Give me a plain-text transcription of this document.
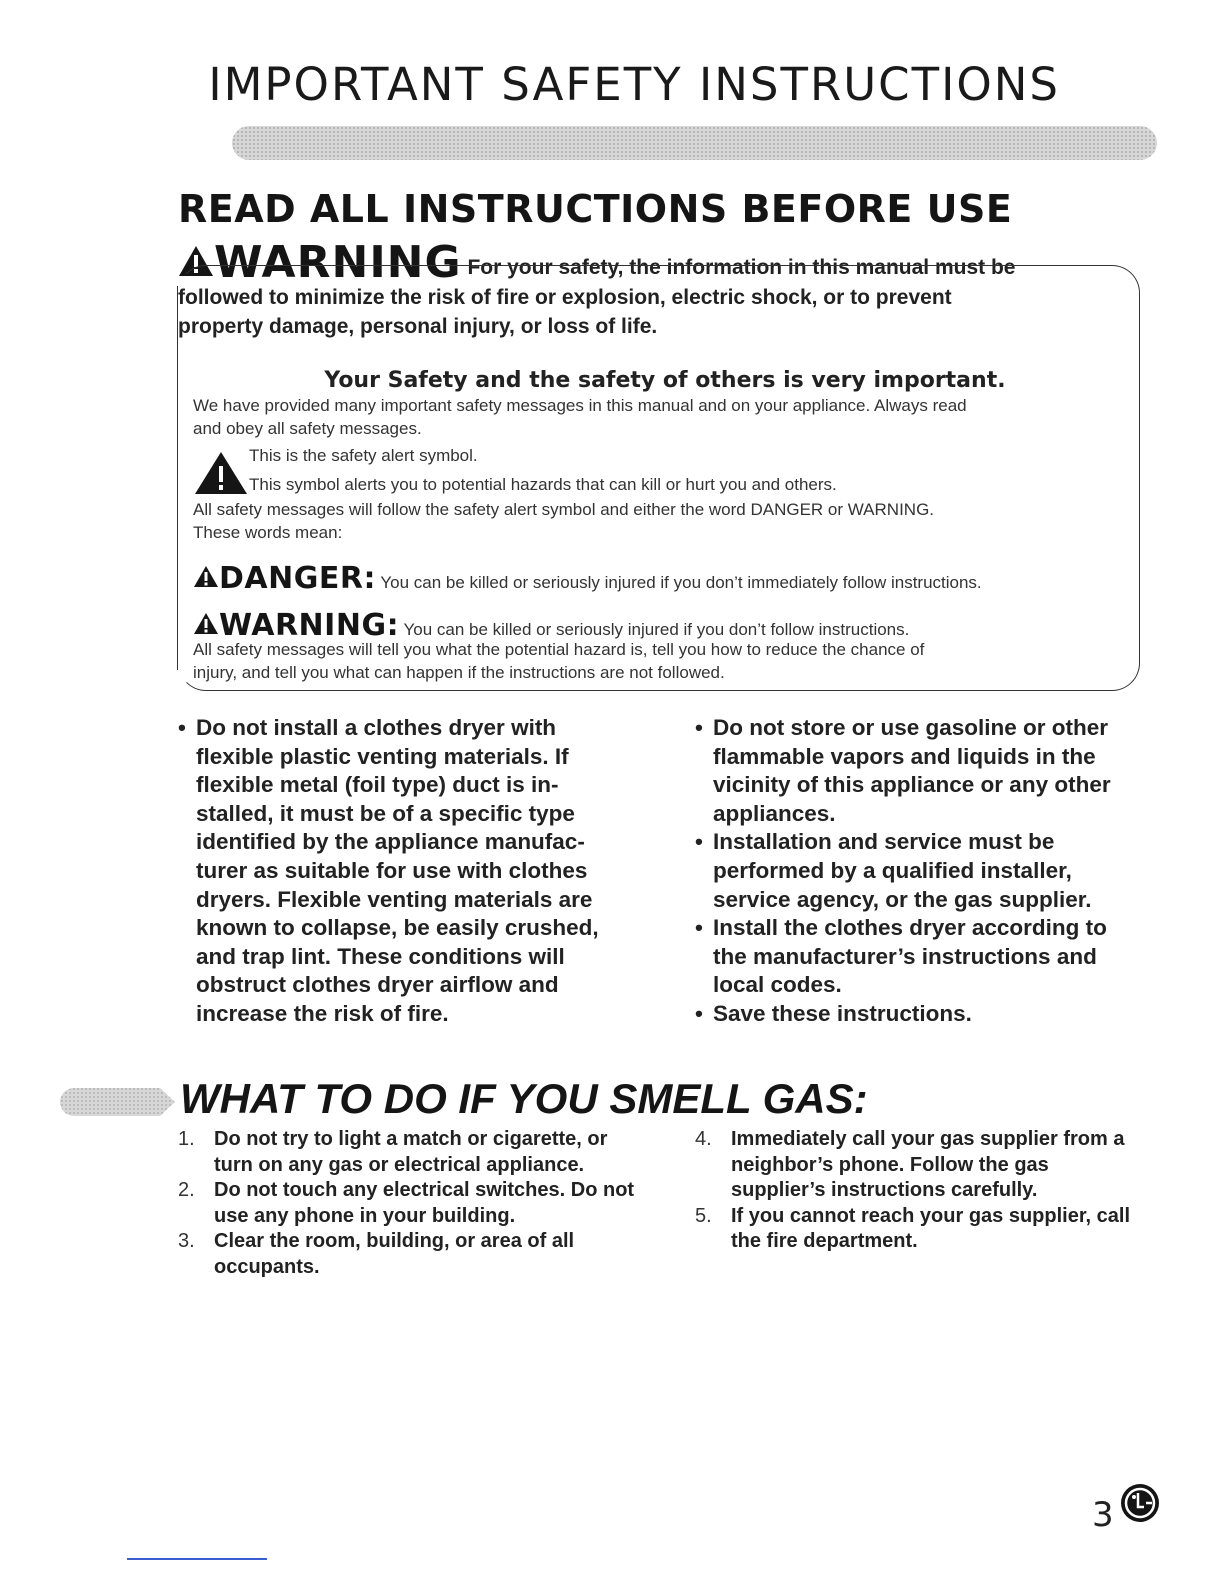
IMPORTANT SAFETY INSTRUCTIONS
READ ALL INSTRUCTIONS BEFORE USE
WARNING For your safety, the information in this manual must be
followed to minimize the risk of fire or explosion, electric shock, or to prevent
property damage, personal injury, or loss of life.
Your Safety and the safety of others is very important.
We have provided many important safety messages in this manual and on your appliance. Always read
and obey all safety messages.
This is the safety alert symbol.
This symbol alerts you to potential hazards that can kill or hurt you and others.
All safety messages will follow the safety alert symbol and either the word DANGER or WARNING.
These words mean:
DANGER: You can be killed or seriously injured if you don’t immediately follow instructions.
WARNING: You can be killed or seriously injured if you don’t follow instructions.
All safety messages will tell you what the potential hazard is, tell you how to reduce the chance of
injury, and tell you what can happen if the instructions are not followed.
• Do not install a clothes dryer with flexible plastic venting materials. If flexible metal (foil type) duct is in-stalled, it must be of a specific type identified by the appliance manufac-turer as suitable for use with clothes dryers. Flexible venting materials are known to collapse, be easily crushed, and trap lint. These conditions will obstruct clothes dryer airflow and increase the risk of fire.
• Do not store or use gasoline or other flammable vapors and liquids in the vicinity of this appliance or any other appliances.
• Installation and service must be performed by a qualified installer, service agency, or the gas supplier.
• Install the clothes dryer according to the manufacturer’s instructions and local codes.
• Save these instructions.
WHAT TO DO IF YOU SMELL GAS:
1. Do not try to light a match or cigarette, or turn on any gas or electrical appliance.
2. Do not touch any electrical switches. Do not use any phone in your building.
3. Clear the room, building, or area of all occupants.
4. Immediately call your gas supplier from a neighbor’s phone. Follow the gas supplier’s instructions carefully.
5. If you cannot reach your gas supplier, call the fire department.
3
